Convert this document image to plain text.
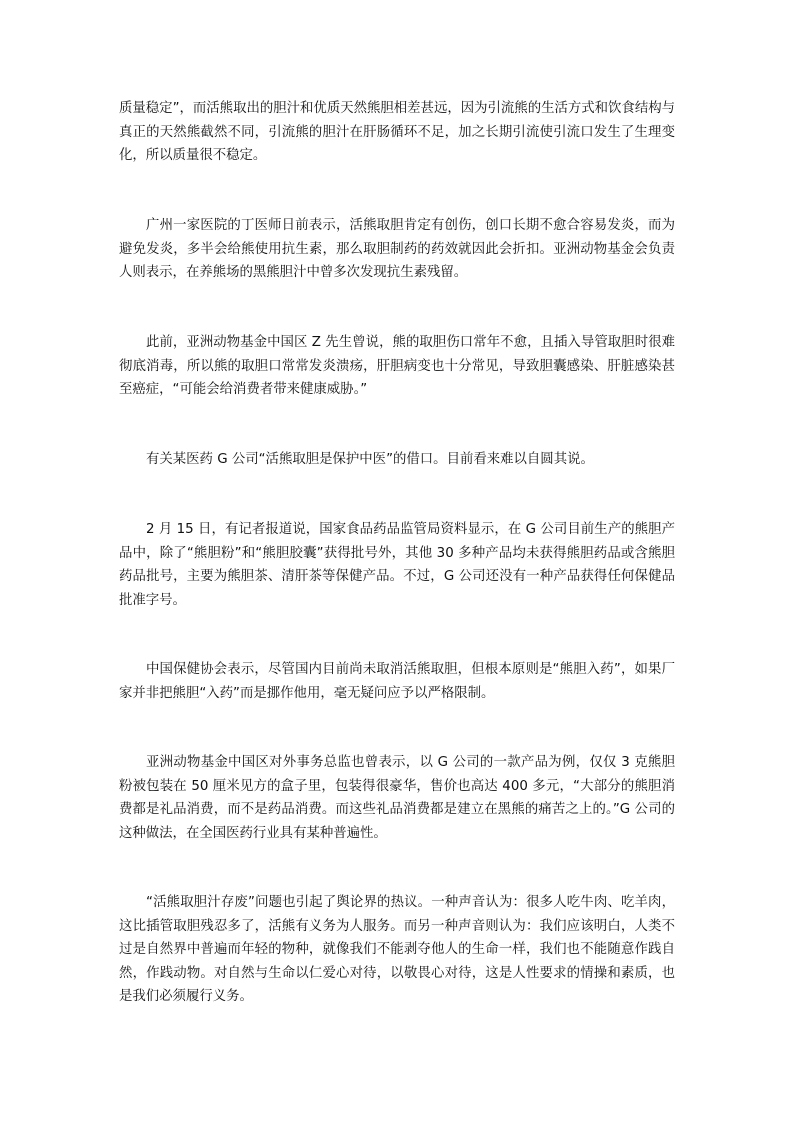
质量稳定”，而活熊取出的胆汁和优质天然熊胆相差甚远，因为引流熊的生活方式和饮食结构与真正的天然熊截然不同，引流熊的胆汁在肝肠循环不足，加之长期引流使引流口发生了生理变化，所以质量很不稳定。

广州一家医院的丁医师日前表示，活熊取胆肯定有创伤，创口长期不愈合容易发炎，而为避免发炎，多半会给熊使用抗生素，那么取胆制药的药效就因此会折扣。亚洲动物基金会负责人则表示，在养熊场的黑熊胆汁中曾多次发现抗生素残留。

此前，亚洲动物基金中国区 Z 先生曾说，熊的取胆伤口常年不愈，且插入导管取胆时很难彻底消毒，所以熊的取胆口常常发炎溃疡，肝胆病变也十分常见，导致胆囊感染、肝脏感染甚至癌症，“可能会给消费者带来健康威胁。”

有关某医药 G 公司“活熊取胆是保护中医”的借口。目前看来难以自圆其说。

2 月 15 日，有记者报道说，国家食品药品监管局资料显示，在 G 公司目前生产的熊胆产品中，除了“熊胆粉”和“熊胆胶囊”获得批号外，其他 30 多种产品均未获得熊胆药品或含熊胆药品批号，主要为熊胆茶、清肝茶等保健产品。不过，G 公司还没有一种产品获得任何保健品批准字号。

中国保健协会表示，尽管国内目前尚未取消活熊取胆，但根本原则是“熊胆入药”，如果厂家并非把熊胆“入药”而是挪作他用，毫无疑问应予以严格限制。

亚洲动物基金中国区对外事务总监也曾表示，以 G 公司的一款产品为例，仅仅 3 克熊胆粉被包装在 50 厘米见方的盒子里，包装得很豪华，售价也高达 400 多元，“大部分的熊胆消费都是礼品消费，而不是药品消费。而这些礼品消费都是建立在黑熊的痛苦之上的。”G 公司的这种做法，在全国医药行业具有某种普遍性。

“活熊取胆汁存废”问题也引起了舆论界的热议。一种声音认为：很多人吃牛肉、吃羊肉，这比插管取胆残忍多了，活熊有义务为人服务。而另一种声音则认为：我们应该明白，人类不过是自然界中普遍而年轻的物种，就像我们不能剥夺他人的生命一样，我们也不能随意作践自然，作践动物。对自然与生命以仁爱心对待，以敬畏心对待，这是人性要求的情操和素质，也是我们必须履行义务。
